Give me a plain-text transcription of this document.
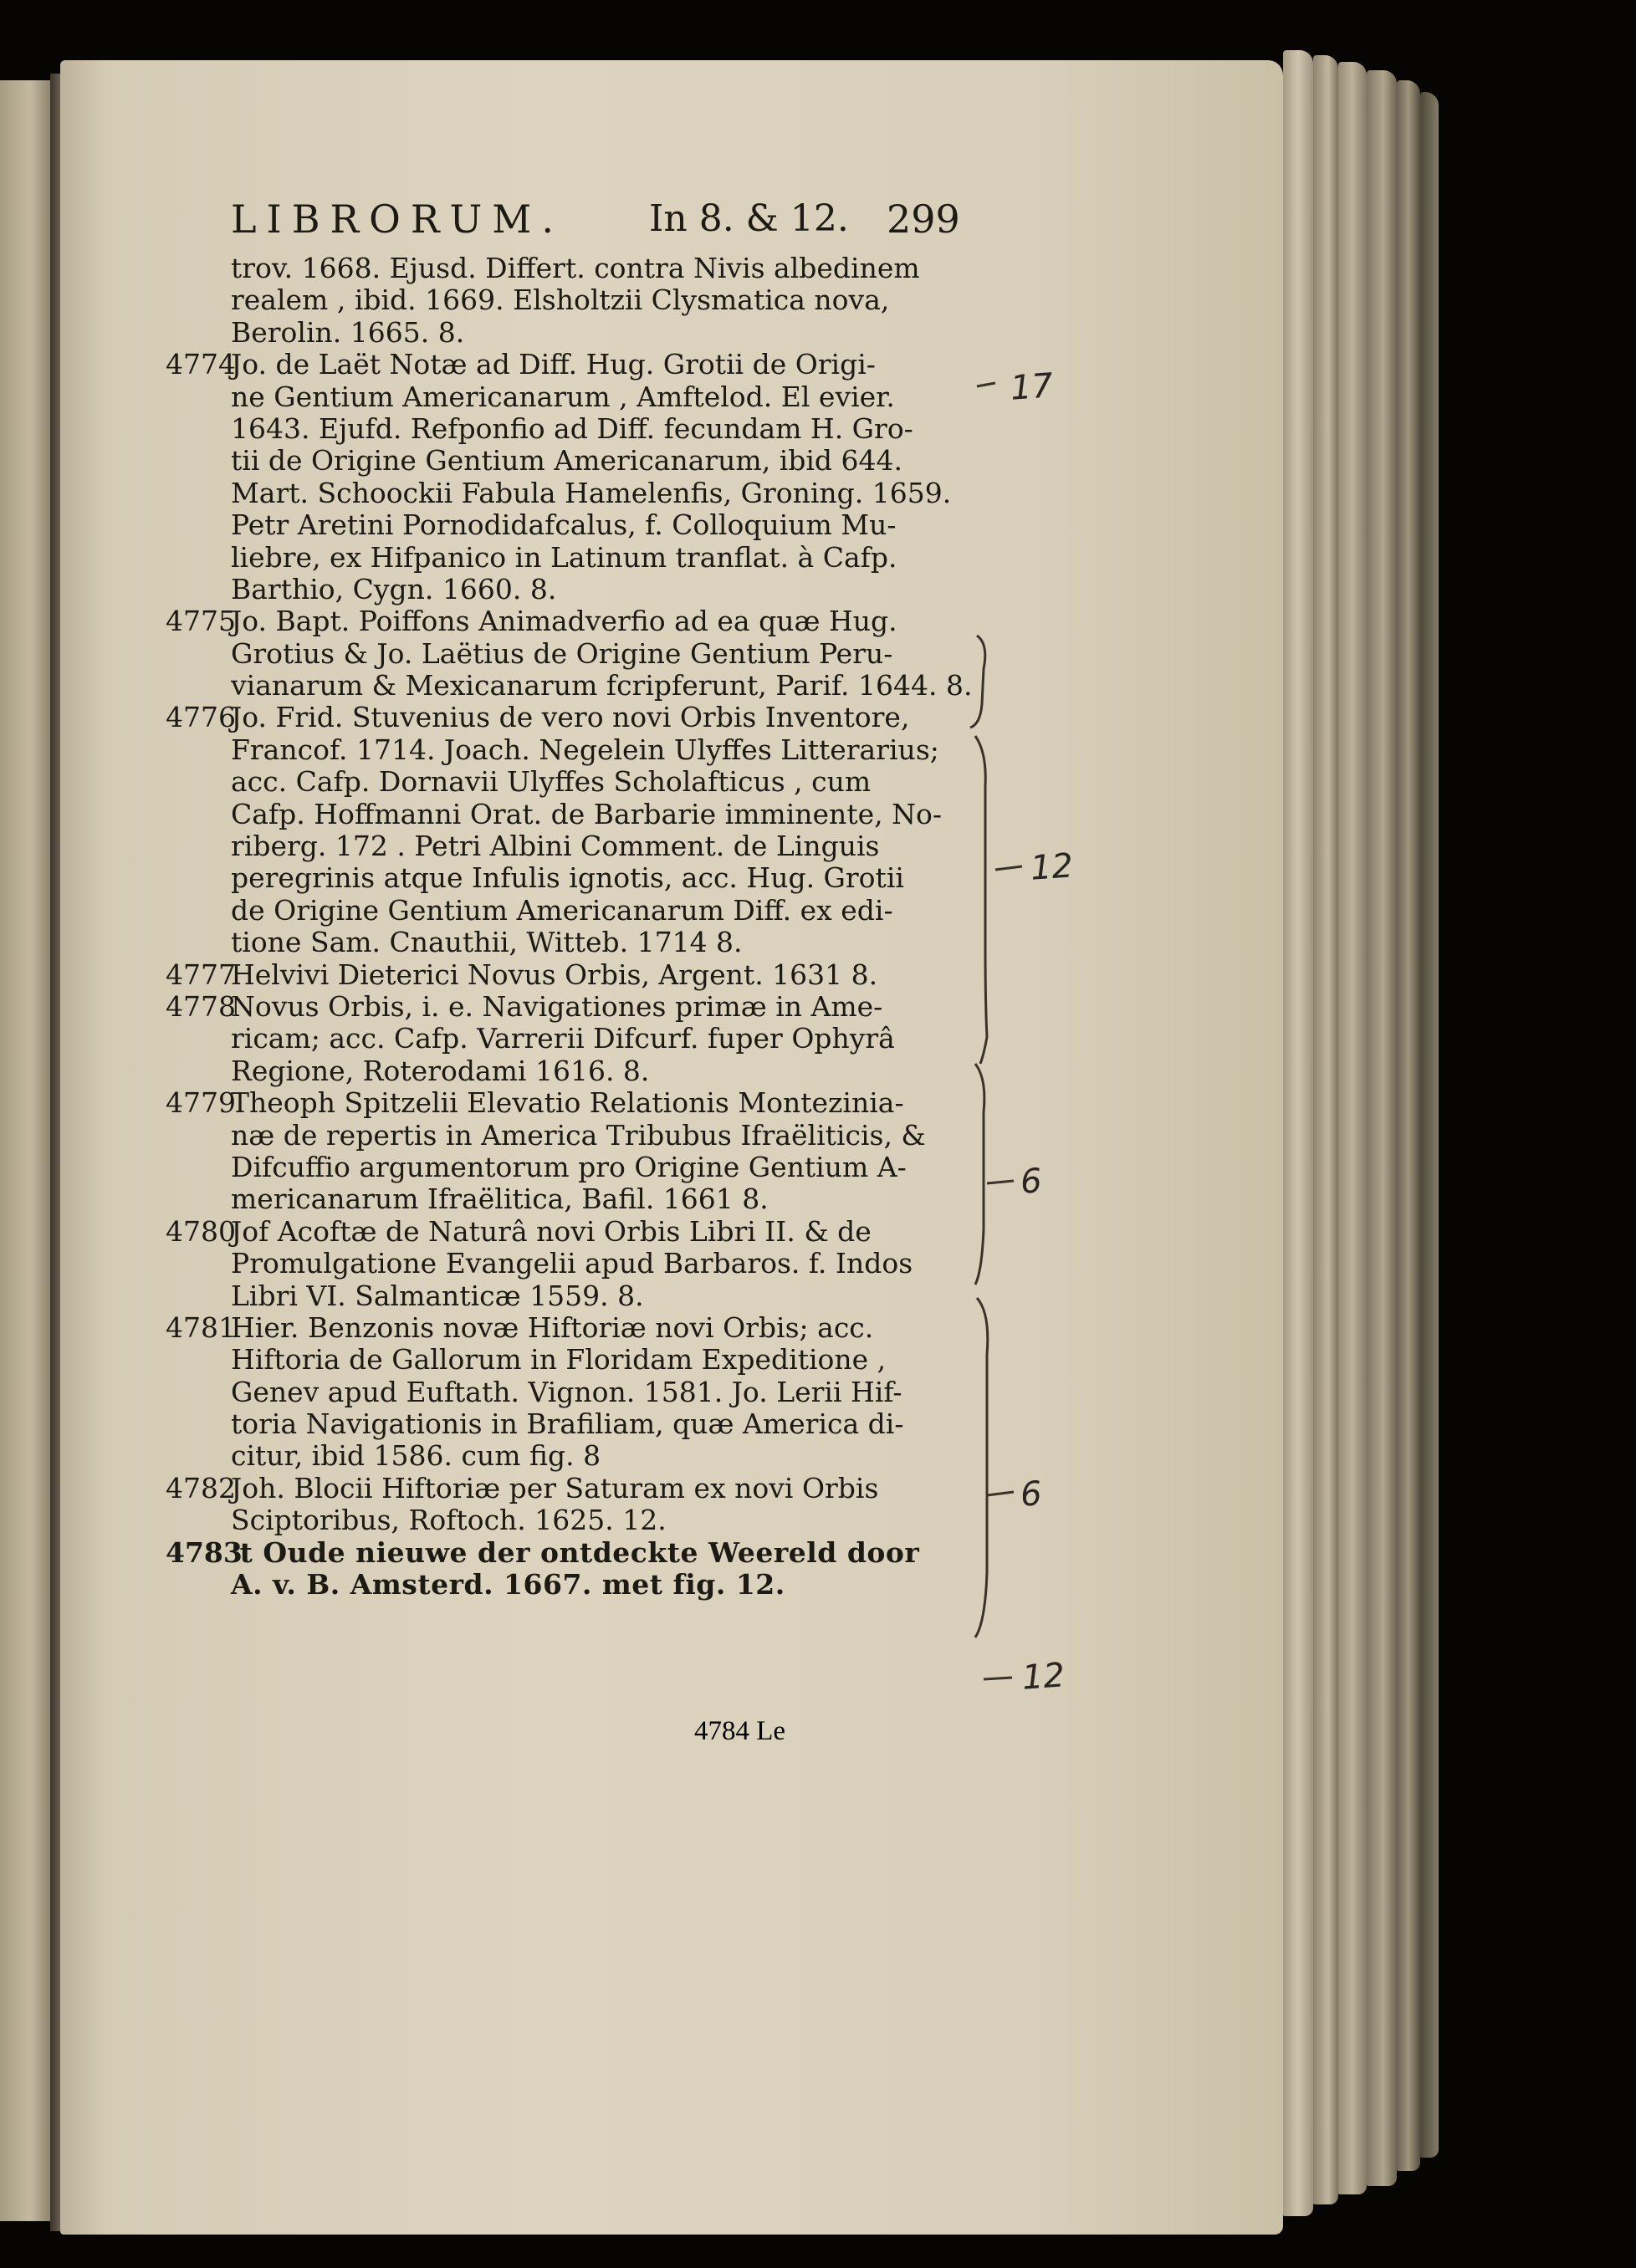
LIBRORUM. In 8. & 12. 299
trov. 1668. Ejusd. Differt. contra Nivis albedinem
realem , ibid. 1669. Elsholtzii Clysmatica nova,
Berolin. 1665. 8.
4774
Jo. de Laët Notæ ad Diff. Hug. Grotii de Origi-
ne Gentium Americanarum , Amftelod. El evier.
1643. Ejufd. Refponfio ad Diff. fecundam H. Gro-
tii de Origine Gentium Americanarum, ibid 644.
Mart. Schoockii Fabula Hamelenfis, Groning. 1659.
Petr Aretini Pornodidafcalus, f. Colloquium Mu-
liebre, ex Hifpanico in Latinum tranflat. à Cafp.
Barthio, Cygn. 1660. 8.
4775
Jo. Bapt. Poiffons Animadverfio ad ea quæ Hug.
Grotius & Jo. Laëtius de Origine Gentium Peru-
vianarum & Mexicanarum fcripferunt, Parif. 1644. 8.
4776
Jo. Frid. Stuvenius de vero novi Orbis Inventore,
Francof. 1714. Joach. Negelein Ulyffes Litterarius;
acc. Cafp. Dornavii Ulyffes Scholafticus , cum
Cafp. Hoffmanni Orat. de Barbarie imminente, No-
riberg. 172 . Petri Albini Comment. de Linguis
peregrinis atque Infulis ignotis, acc. Hug. Grotii
de Origine Gentium Americanarum Diff. ex edi-
tione Sam. Cnauthii, Witteb. 1714 8.
4777
Helvivi Dieterici Novus Orbis, Argent. 1631 8.
4778
Novus Orbis, i. e. Navigationes primæ in Ame-
ricam; acc. Cafp. Varrerii Difcurf. fuper Ophyrâ
Regione, Roterodami 1616. 8.
4779
Theoph Spitzelii Elevatio Relationis Montezinia-
næ de repertis in America Tribubus Ifraëliticis, &
Difcuffio argumentorum pro Origine Gentium A-
mericanarum Ifraëlitica, Bafil. 1661 8.
4780
Jof Acoftæ de Naturâ novi Orbis Libri II. & de
Promulgatione Evangelii apud Barbaros. f. Indos
Libri VI. Salmanticæ 1559. 8.
4781
Hier. Benzonis novæ Hiftoriæ novi Orbis; acc.
Hiftoria de Gallorum in Floridam Expeditione ,
Genev apud Euftath. Vignon. 1581. Jo. Lerii Hif-
toria Navigationis in Brafiliam, quæ America di-
citur, ibid 1586. cum fig. 8
4782
Joh. Blocii Hiftoriæ per Saturam ex novi Orbis
Sciptoribus, Roftoch. 1625. 12.
4783
't Oude nieuwe der ontdeckte Weereld door
A. v. B. Amsterd. 1667. met fig. 12.
4784 Le
17
12
6
6
12
